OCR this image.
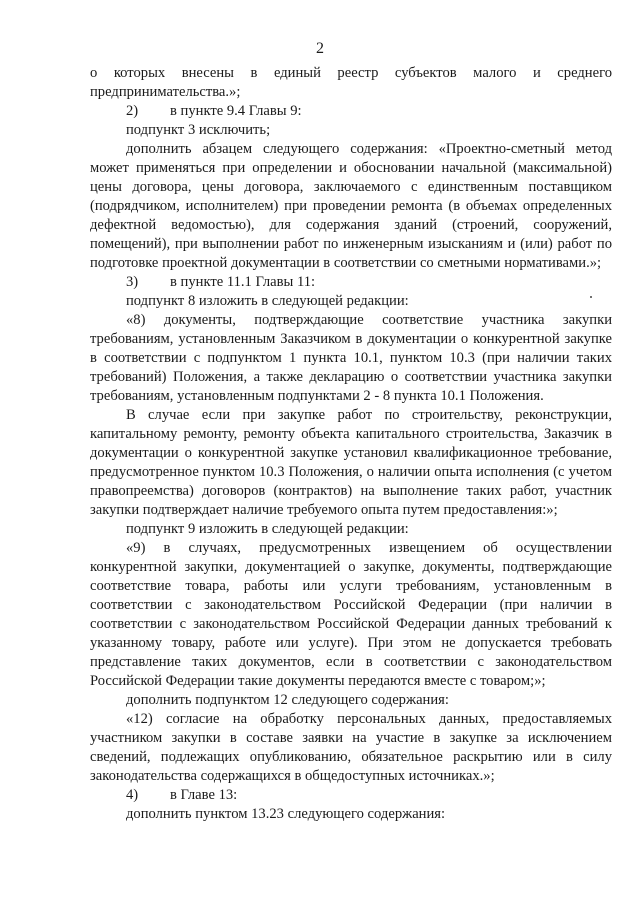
2

о которых внесены в единый реестр субъектов малого и среднего предпринимательства.»;

2) в пункте 9.4 Главы 9:

подпункт 3 исключить;

дополнить абзацем следующего содержания: «Проектно-сметный метод может применяться при определении и обосновании начальной (максимальной) цены договора, цены договора, заключаемого с единственным поставщиком (подрядчиком, исполнителем) при проведении ремонта (в объемах определенных дефектной ведомостью), для содержания зданий (строений, сооружений, помещений), при выполнении работ по инженерным изысканиям и (или) работ по подготовке проектной документации в соответствии со сметными нормативами.»;

3) в пункте 11.1 Главы 11:

подпункт 8 изложить в следующей редакции:

«8) документы, подтверждающие соответствие участника закупки требованиям, установленным Заказчиком в документации о конкурентной закупке в соответствии с подпунктом 1 пункта 10.1, пунктом 10.3 (при наличии таких требований) Положения, а также декларацию о соответствии участника закупки требованиям, установленным подпунктами 2 - 8 пункта 10.1 Положения.

В случае если при закупке работ по строительству, реконструкции, капитальному ремонту, ремонту объекта капитального строительства, Заказчик в документации о конкурентной закупке установил квалификационное требование, предусмотренное пунктом 10.3 Положения, о наличии опыта исполнения (с учетом правопреемства) договоров (контрактов) на выполнение таких работ, участник закупки подтверждает наличие требуемого опыта путем предоставления:»;

подпункт 9 изложить в следующей редакции:

«9) в случаях, предусмотренных извещением об осуществлении конкурентной закупки, документацией о закупке, документы, подтверждающие соответствие товара, работы или услуги требованиям, установленным в соответствии с законодательством Российской Федерации (при наличии в соответствии с законодательством Российской Федерации данных требований к указанному товару, работе или услуге). При этом не допускается требовать представление таких документов, если в соответствии с законодательством Российской Федерации такие документы передаются вместе с товаром;»;

дополнить подпунктом 12 следующего содержания:

«12) согласие на обработку персональных данных, предоставляемых участником закупки в составе заявки на участие в закупке за исключением сведений, подлежащих опубликованию, обязательное раскрытию или в силу законодательства содержащихся в общедоступных источниках.»;

4) в Главе 13:

дополнить пунктом 13.23 следующего содержания:
